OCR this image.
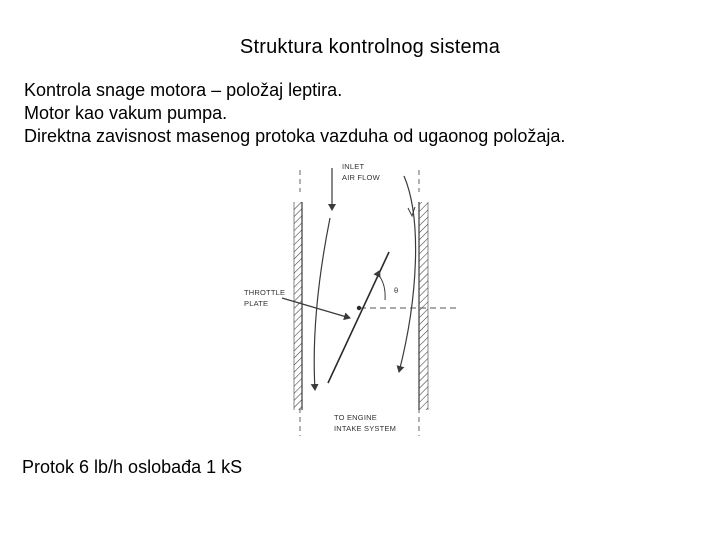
Struktura kontrolnog sistema
Kontrola snage motora – položaj leptira.
Motor kao vakum pumpa.
Direktna zavisnost masenog protoka vazduha od ugaonog položaja.
θ
INLET
AIR FLOW
THROTTLE
PLATE
TO ENGINE
INTAKE SYSTEM
Protok 6 lb/h oslobađa 1 kS
